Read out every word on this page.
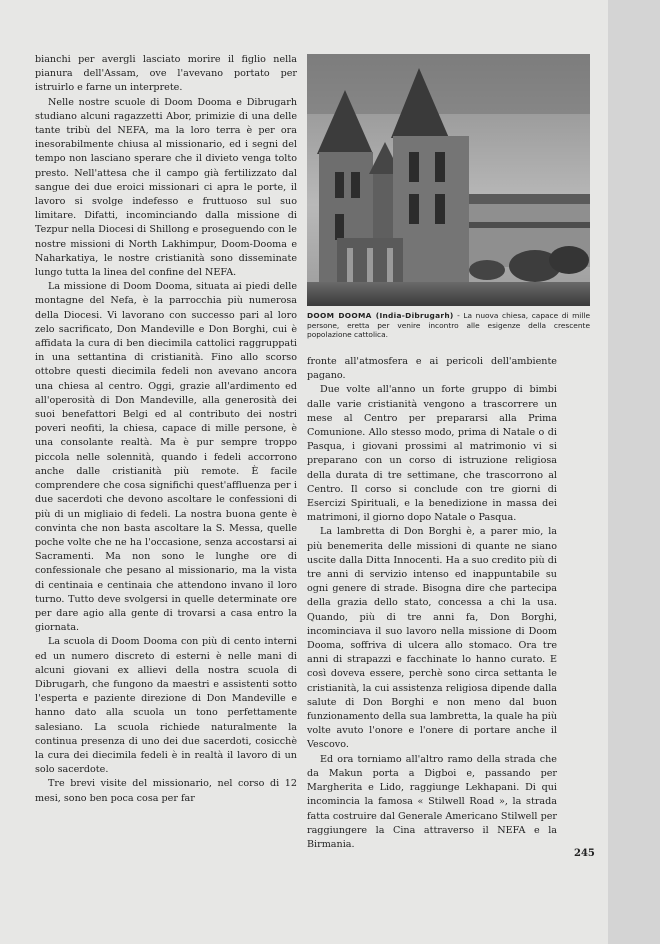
bianchi per avergli lasciato morire il figlio nella pianura dell'Assam, ove l'avevano portato per istruirlo e farne un interprete.

Nelle nostre scuole di Doom Dooma e Dibrugarh studiano alcuni ragazzetti Abor, primizie di una delle tante tribù del NEFA, ma la loro terra è per ora inesorabilmente chiusa al missionario, ed i segni del tempo non lasciano sperare che il divieto venga tolto presto. Nell'attesa che il campo già fertilizzato dal sangue dei due eroici missionari ci apra le porte, il lavoro si svolge indefesso e fruttuoso sul suo limitare. Difatti, incominciando dalla missione di Tezpur nella Diocesi di Shillong e proseguendo con le nostre missioni di North Lakhimpur, Doom-Dooma e Naharkatiya, le nostre cristianità sono disseminate lungo tutta la linea del confine del NEFA.

La missione di Doom Dooma, situata ai piedi delle montagne del Nefa, è la parrocchia più numerosa della Diocesi. Vi lavorano con successo pari al loro zelo sacrificato, Don Mandeville e Don Borghi, cui è affidata la cura di ben diecimila cattolici raggruppati in una settantina di cristianità. Fino allo scorso ottobre questi diecimila fedeli non avevano ancora una chiesa al centro. Oggi, grazie all'ardimento ed all'operosità di Don Mandeville, alla generosità dei suoi benefattori Belgi ed al contributo dei nostri poveri neofiti, la chiesa, capace di mille persone, è una consolante realtà. Ma è pur sempre troppo piccola nelle solennità, quando i fedeli accorrono anche dalle cristianità più remote. È facile comprendere che cosa significhi quest'affluenza per i due sacerdoti che devono ascoltare le confessioni di più di un migliaio di fedeli. La nostra buona gente è convinta che non basta ascoltare la S. Messa, quelle poche volte che ne ha l'occasione, senza accostarsi ai Sacramenti. Ma non sono le lunghe ore di confessionale che pesano al missionario, ma la vista di centinaia e centinaia che attendono invano il loro turno. Tutto deve svolgersi in quelle determinate ore per dare agio alla gente di trovarsi a casa entro la giornata.

La scuola di Doom Dooma con più di cento interni ed un numero discreto di esterni è nelle mani di alcuni giovani ex allievi della nostra scuola di Dibrugarh, che fungono da maestri e assistenti sotto l'esperta e paziente direzione di Don Mandeville e hanno dato alla scuola un tono perfettamente salesiano. La scuola richiede naturalmente la continua presenza di uno dei due sacerdoti, cosicchè la cura dei diecimila fedeli è in realtà il lavoro di un solo sacerdote.

Tre brevi visite del missionario, nel corso di 12 mesi, sono ben poca cosa per far

DOOM DOOMA (India-Dibrugarh) - La nuova chiesa, capace di mille persone, eretta per venire incontro alle esigenze della crescente popolazione cattolica.

fronte all'atmosfera e ai pericoli dell'ambiente pagano.

Due volte all'anno un forte gruppo di bimbi dalle varie cristianità vengono a trascorrere un mese al Centro per prepararsi alla Prima Comunione. Allo stesso modo, prima di Natale o di Pasqua, i giovani prossimi al matrimonio vi si preparano con un corso di istruzione religiosa della durata di tre settimane, che trascorrono al Centro. Il corso si conclude con tre giorni di Esercizi Spirituali, e la benedizione in massa dei matrimoni, il giorno dopo Natale o Pasqua.

La lambretta di Don Borghi è, a parer mio, la più benemerita delle missioni di quante ne siano uscite dalla Ditta Innocenti. Ha a suo credito più di tre anni di servizio intenso ed inappuntabile su ogni genere di strade. Bisogna dire che partecipa della grazia dello stato, concessa a chi la usa. Quando, più di tre anni fa, Don Borghi, incominciava il suo lavoro nella missione di Doom Dooma, soffriva di ulcera allo stomaco. Ora tre anni di strapazzi e facchinate lo hanno curato. E così doveva essere, perchè sono circa settanta le cristianità, la cui assistenza religiosa dipende dalla salute di Don Borghi e non meno dal buon funzionamento della sua lambretta, la quale ha più volte avuto l'onore e l'onere di portare anche il Vescovo.

Ed ora torniamo all'altro ramo della strada che da Makun porta a Digboi e, passando per Margherita e Lido, raggiunge Lekhapani. Di qui incomincia la famosa « Stilwell Road », la strada fatta costruire dal Generale Americano Stilwell per raggiungere la Cina attraverso il NEFA e la Birmania.

245
